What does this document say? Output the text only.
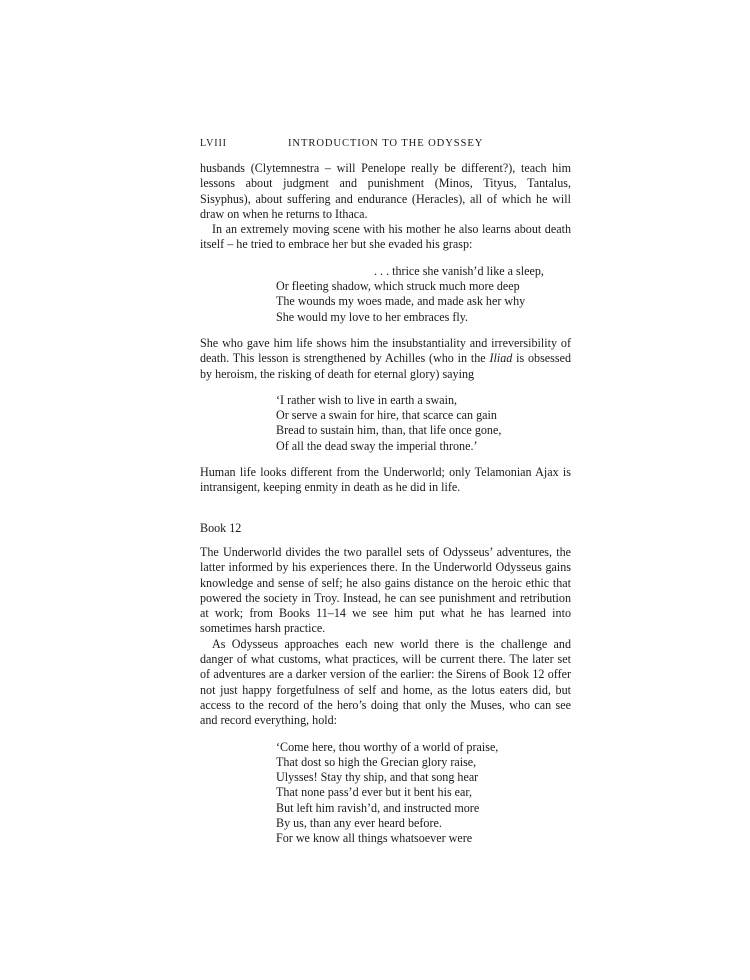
LVIII	INTRODUCTION TO THE ODYSSEY

husbands (Clytemnestra – will Penelope really be different?), teach him lessons about judgment and punishment (Minos, Tityus, Tantalus, Sisyphus), about suffering and endurance (Heracles), all of which he will draw on when he returns to Ithaca.

In an extremely moving scene with his mother he also learns about death itself – he tried to embrace her but she evaded his grasp:

. . . thrice she vanish’d like a sleep,
Or fleeting shadow, which struck much more deep
The wounds my woes made, and made ask her why
She would my love to her embraces fly.

She who gave him life shows him the insubstantiality and irreversibility of death. This lesson is strengthened by Achilles (who in the Iliad is obsessed by heroism, the risking of death for eternal glory) saying

‘I rather wish to live in earth a swain,
Or serve a swain for hire, that scarce can gain
Bread to sustain him, than, that life once gone,
Of all the dead sway the imperial throne.’

Human life looks different from the Underworld; only Telamonian Ajax is intransigent, keeping enmity in death as he did in life.

Book 12

The Underworld divides the two parallel sets of Odysseus’ adventures, the latter informed by his experiences there. In the Underworld Odysseus gains knowledge and sense of self; he also gains distance on the heroic ethic that powered the society in Troy. Instead, he can see punishment and retribution at work; from Books 11–14 we see him put what he has learned into sometimes harsh practice.

As Odysseus approaches each new world there is the challenge and danger of what customs, what practices, will be current there. The later set of adventures are a darker version of the earlier: the Sirens of Book 12 offer not just happy forgetfulness of self and home, as the lotus eaters did, but access to the record of the hero’s doing that only the Muses, who can see and record everything, hold:

‘Come here, thou worthy of a world of praise,
That dost so high the Grecian glory raise,
Ulysses! Stay thy ship, and that song hear
That none pass’d ever but it bent his ear,
But left him ravish’d, and instructed more
By us, than any ever heard before.
For we know all things whatsoever were
